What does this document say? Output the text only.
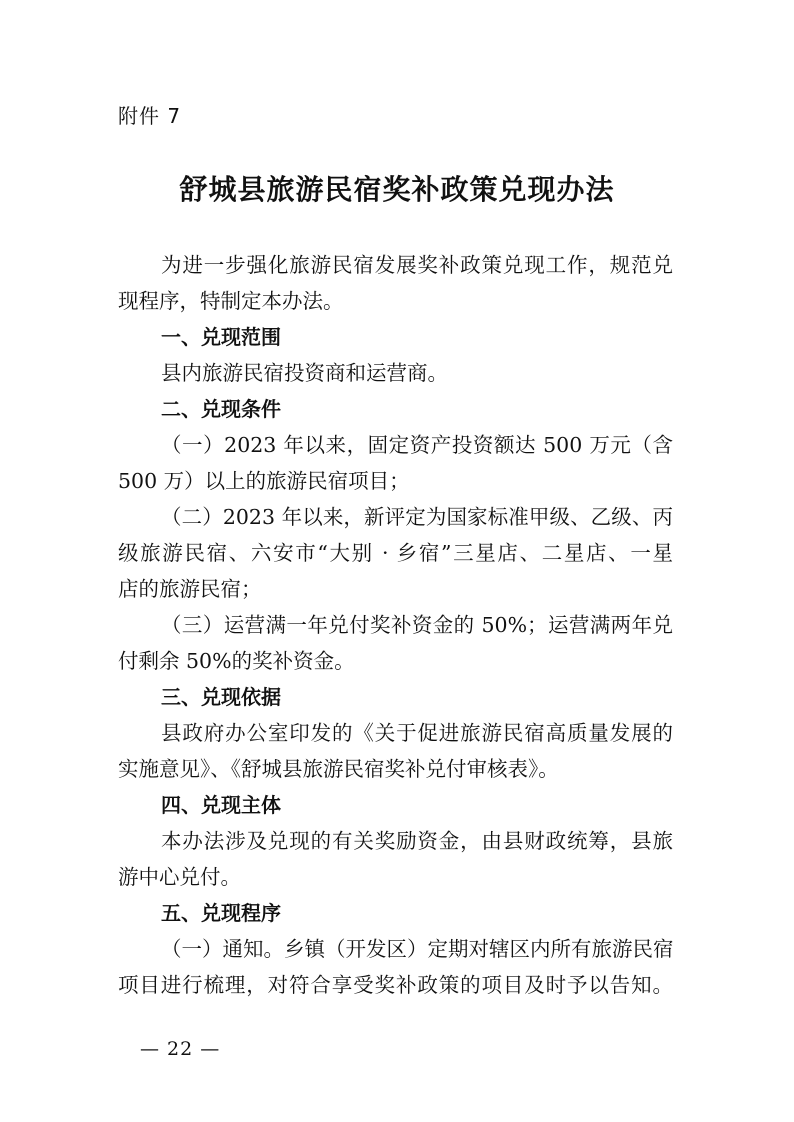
附件 7
舒城县旅游民宿奖补政策兑现办法
为进一步强化旅游民宿发展奖补政策兑现工作，规范兑
现程序，特制定本办法。
一、兑现范围
县内旅游民宿投资商和运营商。
二、兑现条件
（一）2023 年以来，固定资产投资额达 500 万元（含
500 万）以上的旅游民宿项目；
（二）2023 年以来，新评定为国家标准甲级、乙级、丙
级旅游民宿、六安市“大别 · 乡宿”三星店、二星店、一星
店的旅游民宿；
（三）运营满一年兑付奖补资金的 50%；运营满两年兑
付剩余 50%的奖补资金。
三、兑现依据
县政府办公室印发的《关于促进旅游民宿高质量发展的
实施意见》、《舒城县旅游民宿奖补兑付审核表》。
四、兑现主体
本办法涉及兑现的有关奖励资金，由县财政统筹，县旅
游中心兑付。
五、兑现程序
（一）通知。乡镇（开发区）定期对辖区内所有旅游民宿
项目进行梳理，对符合享受奖补政策的项目及时予以告知。
— 22 —
